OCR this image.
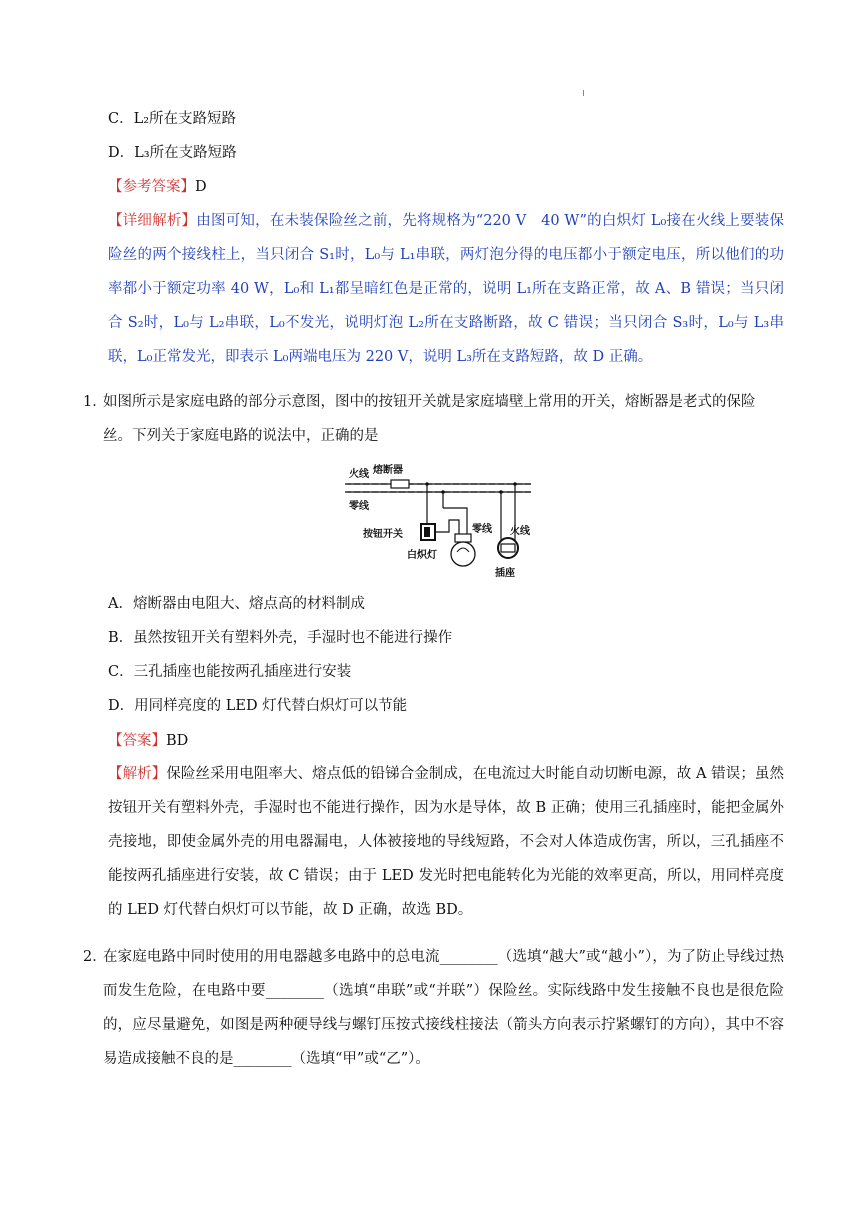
C．L₂所在支路短路
D．L₃所在支路短路
【参考答案】D
【详细解析】由图可知，在未装保险丝之前，先将规格为“220 V　40 W”的白炽灯 L₀接在火线上要装保险丝的两个接线柱上，当只闭合 S₁时，L₀与 L₁串联，两灯泡分得的电压都小于额定电压，所以他们的功率都小于额定功率 40 W，L₀和 L₁都呈暗红色是正常的，说明 L₁所在支路正常，故 A、B 错误；当只闭合 S₂时，L₀与 L₂串联，L₀不发光，说明灯泡 L₂所在支路断路，故 C 错误；当只闭合 S₃时，L₀与 L₃串联，L₀正常发光，即表示 L₀两端电压为 220 V，说明 L₃所在支路短路，故 D 正确。
1．
如图所示是家庭电路的部分示意图，图中的按钮开关就是家庭墙壁上常用的开关，熔断器是老式的保险
丝。下列关于家庭电路的说法中，正确的是
火线 熔断器
零线
按钮开关
白炽灯
零线 火线
插座
A．熔断器由电阻大、熔点高的材料制成
B．虽然按钮开关有塑料外壳，手湿时也不能进行操作
C．三孔插座也能按两孔插座进行安装
D．用同样亮度的 LED 灯代替白炽灯可以节能
【答案】BD
【解析】保险丝采用电阻率大、熔点低的铅锑合金制成，在电流过大时能自动切断电源，故 A 错误；虽然按钮开关有塑料外壳，手湿时也不能进行操作，因为水是导体，故 B 正确；使用三孔插座时，能把金属外壳接地，即使金属外壳的用电器漏电，人体被接地的导线短路，不会对人体造成伤害，所以，三孔插座不能按两孔插座进行安装，故 C 错误；由于 LED 发光时把电能转化为光能的效率更高，所以，用同样亮度的 LED 灯代替白炽灯可以节能，故 D 正确，故选 BD。
2．
在家庭电路中同时使用的用电器越多电路中的总电流________（选填“越大”或“越小”），为了防止导线过热而发生危险，在电路中要________（选填“串联”或“并联”）保险丝。实际线路中发生接触不良也是很危险的，应尽量避免，如图是两种硬导线与螺钉压按式接线柱接法（箭头方向表示拧紧螺钉的方向），其中不容易造成接触不良的是________（选填“甲”或“乙”）。
